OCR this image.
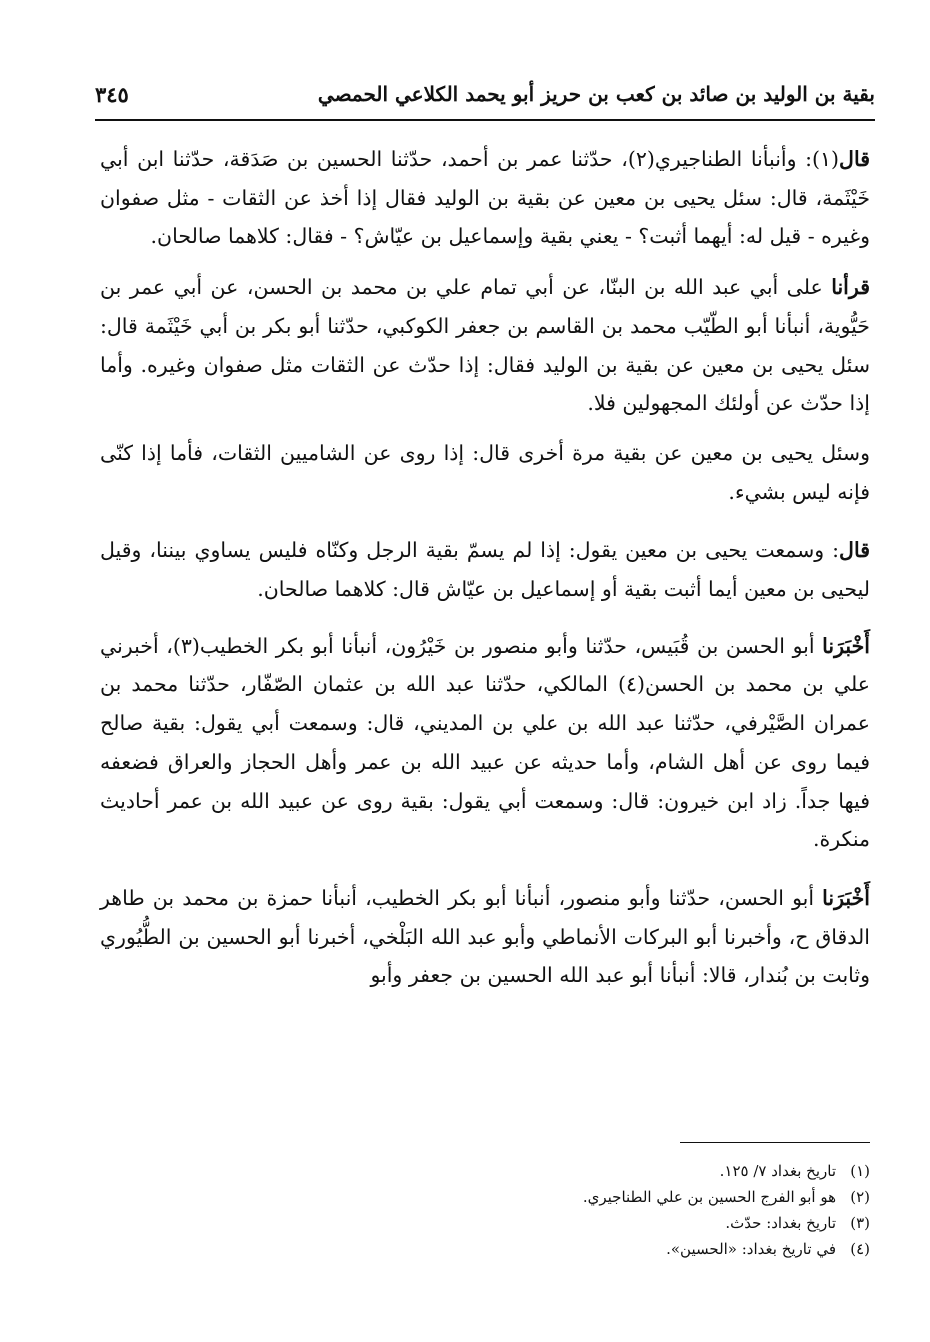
بقية بن الوليد بن صائد بن كعب بن حريز أبو يحمد الكلاعي الحمصي
٣٤٥

قال(١): وأنبأنا الطناجيري(٢)، حدّثنا عمر بن أحمد، حدّثنا الحسين بن صَدَقة، حدّثنا ابن أبي خَيْثَمة، قال: سئل يحيى بن معين عن بقية بن الوليد فقال إذا أخذ عن الثقات - مثل صفوان وغيره - قيل له: أيهما أثبت؟ - يعني بقية وإسماعيل بن عيّاش؟ - فقال: كلاهما صالحان.

قرأنا على أبي عبد الله بن البنّا، عن أبي تمام علي بن محمد بن الحسن، عن أبي عمر بن حَيُّوية، أنبأنا أبو الطّيّب محمد بن القاسم بن جعفر الكوكبي، حدّثنا أبو بكر بن أبي خَيْثَمة قال: سئل يحيى بن معين عن بقية بن الوليد فقال: إذا حدّث عن الثقات مثل صفوان وغيره. وأما إذا حدّث عن أولئك المجهولين فلا.

وسئل يحيى بن معين عن بقية مرة أخرى قال: إذا روى عن الشاميين الثقات، فأما إذا كنّى فإنه ليس بشيء.

قال: وسمعت يحيى بن معين يقول: إذا لم يسمّ بقية الرجل وكنّاه فليس يساوي بيننا، وقيل ليحيى بن معين أيما أثبت بقية أو إسماعيل بن عيّاش قال: كلاهما صالحان.

أَخْبَرَنا أبو الحسن بن قُبَيس، حدّثنا وأبو منصور بن خَيْرُون، أنبأنا أبو بكر الخطيب(٣)، أخبرني علي بن محمد بن الحسن(٤) المالكي، حدّثنا عبد الله بن عثمان الصّفّار، حدّثنا محمد بن عمران الصَّيْرفي، حدّثنا عبد الله بن علي بن المديني، قال: وسمعت أبي يقول: بقية صالح فيما روى عن أهل الشام، وأما حديثه عن عبيد الله بن عمر وأهل الحجاز والعراق فضعفه فيها جداً. زاد ابن خيرون: قال: وسمعت أبي يقول: بقية روى عن عبيد الله بن عمر أحاديث منكرة.

أَخْبَرَنا أبو الحسن، حدّثنا وأبو منصور، أنبأنا أبو بكر الخطيب، أنبأنا حمزة بن محمد بن طاهر الدقاق ح، وأخبرنا أبو البركات الأنماطي وأبو عبد الله البَلْخي، أخبرنا أبو الحسين بن الطُّيُوري وثابت بن بُندار، قالا: أنبأنا أبو عبد الله الحسين بن جعفر وأبو

(١)تاريخ بغداد ٧/ ١٢٥.

(٢)هو أبو الفرج الحسين بن علي الطناجيري.

(٣)تاريخ بغداد: حدّث.

(٤)في تاريخ بغداد: «الحسين».
